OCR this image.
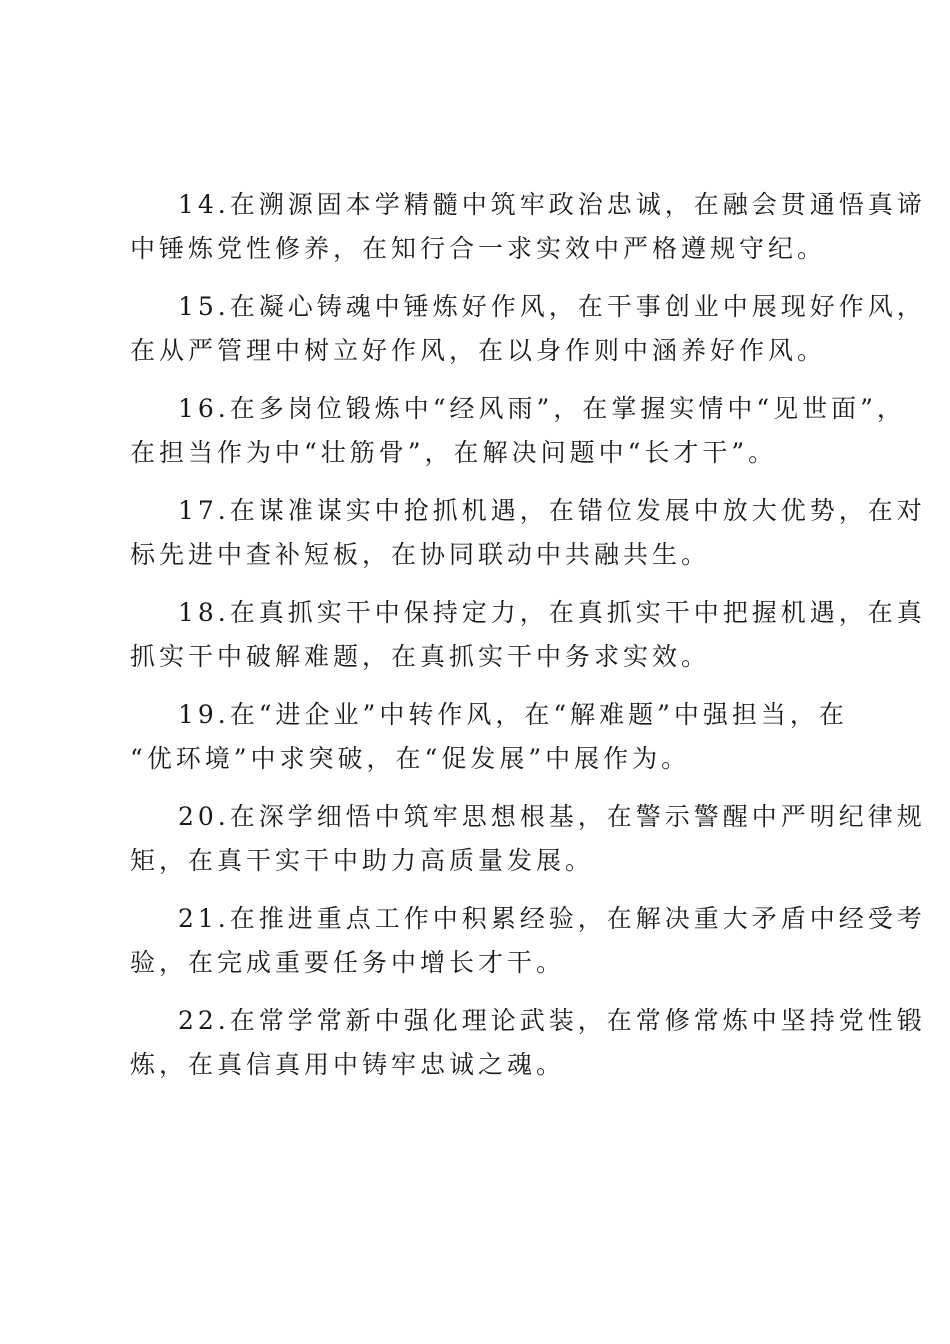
14.在溯源固本学精髓中筑牢政治忠诚，在融会贯通悟真谛
中锤炼党性修养，在知行合一求实效中严格遵规守纪。

15.在凝心铸魂中锤炼好作风，在干事创业中展现好作风，
在从严管理中树立好作风，在以身作则中涵养好作风。

16.在多岗位锻炼中“经风雨”，在掌握实情中“见世面”，
在担当作为中“壮筋骨”，在解决问题中“长才干”。

17.在谋准谋实中抢抓机遇，在错位发展中放大优势，在对
标先进中查补短板，在协同联动中共融共生。

18.在真抓实干中保持定力，在真抓实干中把握机遇，在真
抓实干中破解难题，在真抓实干中务求实效。

19.在“进企业”中转作风，在“解难题”中强担当，在
“优环境”中求突破，在“促发展”中展作为。

20.在深学细悟中筑牢思想根基，在警示警醒中严明纪律规
矩，在真干实干中助力高质量发展。

21.在推进重点工作中积累经验，在解决重大矛盾中经受考
验，在完成重要任务中增长才干。

22.在常学常新中强化理论武装，在常修常炼中坚持党性锻
炼，在真信真用中铸牢忠诚之魂。
